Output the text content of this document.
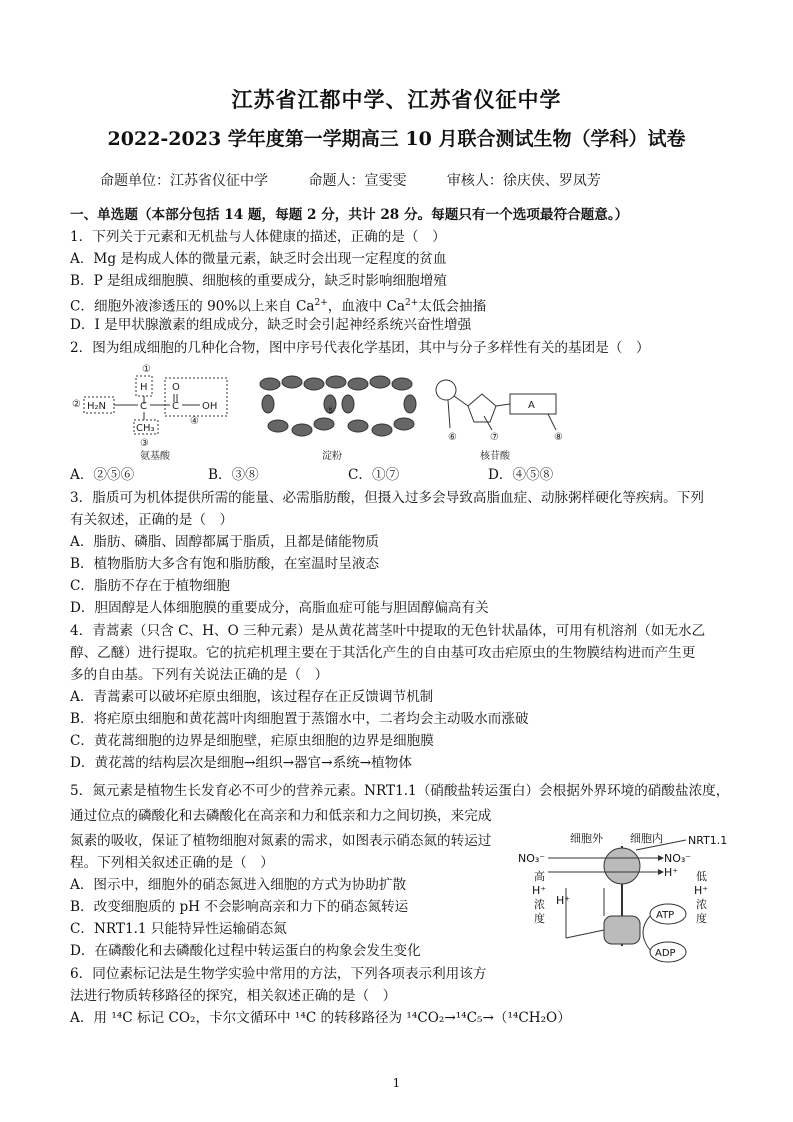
江苏省江都中学、江苏省仪征中学
2022-2023 学年度第一学期高三 10 月联合测试生物（学科）试卷
命题单位：江苏省仪征中学	命题人：宣雯雯	审核人：徐庆侠、罗凤芳
一、单选题（本部分包括 14 题，每题 2 分，共计 28 分。每题只有一个选项最符合题意。）
1．下列关于元素和无机盐与人体健康的描述，正确的是（　）
A．Mg 是构成人体的微量元素，缺乏时会出现一定程度的贫血
B．P 是组成细胞膜、细胞核的重要成分，缺乏时影响细胞增殖
C．细胞外液渗透压的 90%以上来自 $Ca^{2+}$，血液中 $Ca^{2+}$太低会抽搐
D．I 是甲状腺激素的组成成分，缺乏时会引起神经系统兴奋性增强
2．图为组成细胞的几种化合物，图中序号代表化学基团，其中与分子多样性有关的基团是（　）
①
H
② H₂N	C
O
C OH
④
CH₃
③
氨基酸
⑤
淀粉
A
⑥	⑦	⑧
核苷酸
A．②⑤⑥	B．③⑧	C．①⑦	D．④⑤⑧
3．脂质可为机体提供所需的能量、必需脂肪酸，但摄入过多会导致高脂血症、动脉粥样硬化等疾病。下列
有关叙述，正确的是（　）
A．脂肪、磷脂、固醇都属于脂质，且都是储能物质
B．植物脂肪大多含有饱和脂肪酸，在室温时呈液态
C．脂肪不存在于植物细胞
D．胆固醇是人体细胞膜的重要成分，高脂血症可能与胆固醇偏高有关
4．青蒿素（只含 C、H、O 三种元素）是从黄花蒿茎叶中提取的无色针状晶体，可用有机溶剂（如无水乙
醇、乙醚）进行提取。它的抗疟机理主要在于其活化产生的自由基可攻击疟原虫的生物膜结构进而产生更
多的自由基。下列有关说法正确的是（　）
A．青蒿素可以破坏疟原虫细胞，该过程存在正反馈调节机制
B．将疟原虫细胞和黄花蒿叶肉细胞置于蒸馏水中，二者均会主动吸水而涨破
C．黄花蒿细胞的边界是细胞壁，疟原虫细胞的边界是细胞膜
D．黄花蒿的结构层次是细胞→组织→器官→系统→植物体
5．氮元素是植物生长发育必不可少的营养元素。NRT1.1（硝酸盐转运蛋白）会根据外界环境的硝酸盐浓度，
通过位点的磷酸化和去磷酸化在高亲和力和低亲和力之间切换，来完成
氮素的吸收，保证了植物细胞对氮素的需求，如图表示硝态氮的转运过
程。下列相关叙述正确的是（　）
A．图示中，细胞外的硝态氮进入细胞的方式为协助扩散
B．改变细胞质的 pH 不会影响高亲和力下的硝态氮转运
C．NRT1.1 只能特异性运输硝态氮
D．在磷酸化和去磷酸化过程中转运蛋白的构象会发生变化
细胞外 细胞内 NRT1.1
NO₃⁻	NO₃⁻
H⁺
高
H⁺
浓
度
H⁺
低
H⁺
浓
度
ATP
ADP
6．同位素标记法是生物学实验中常用的方法，下列各项表示利用该方
法进行物质转移路径的探究，相关叙述正确的是（　）
A．用 ¹⁴C 标记 CO₂，卡尔文循环中 ¹⁴C 的转移路径为 ¹⁴CO₂→¹⁴C₅→（¹⁴CH₂O）
1
